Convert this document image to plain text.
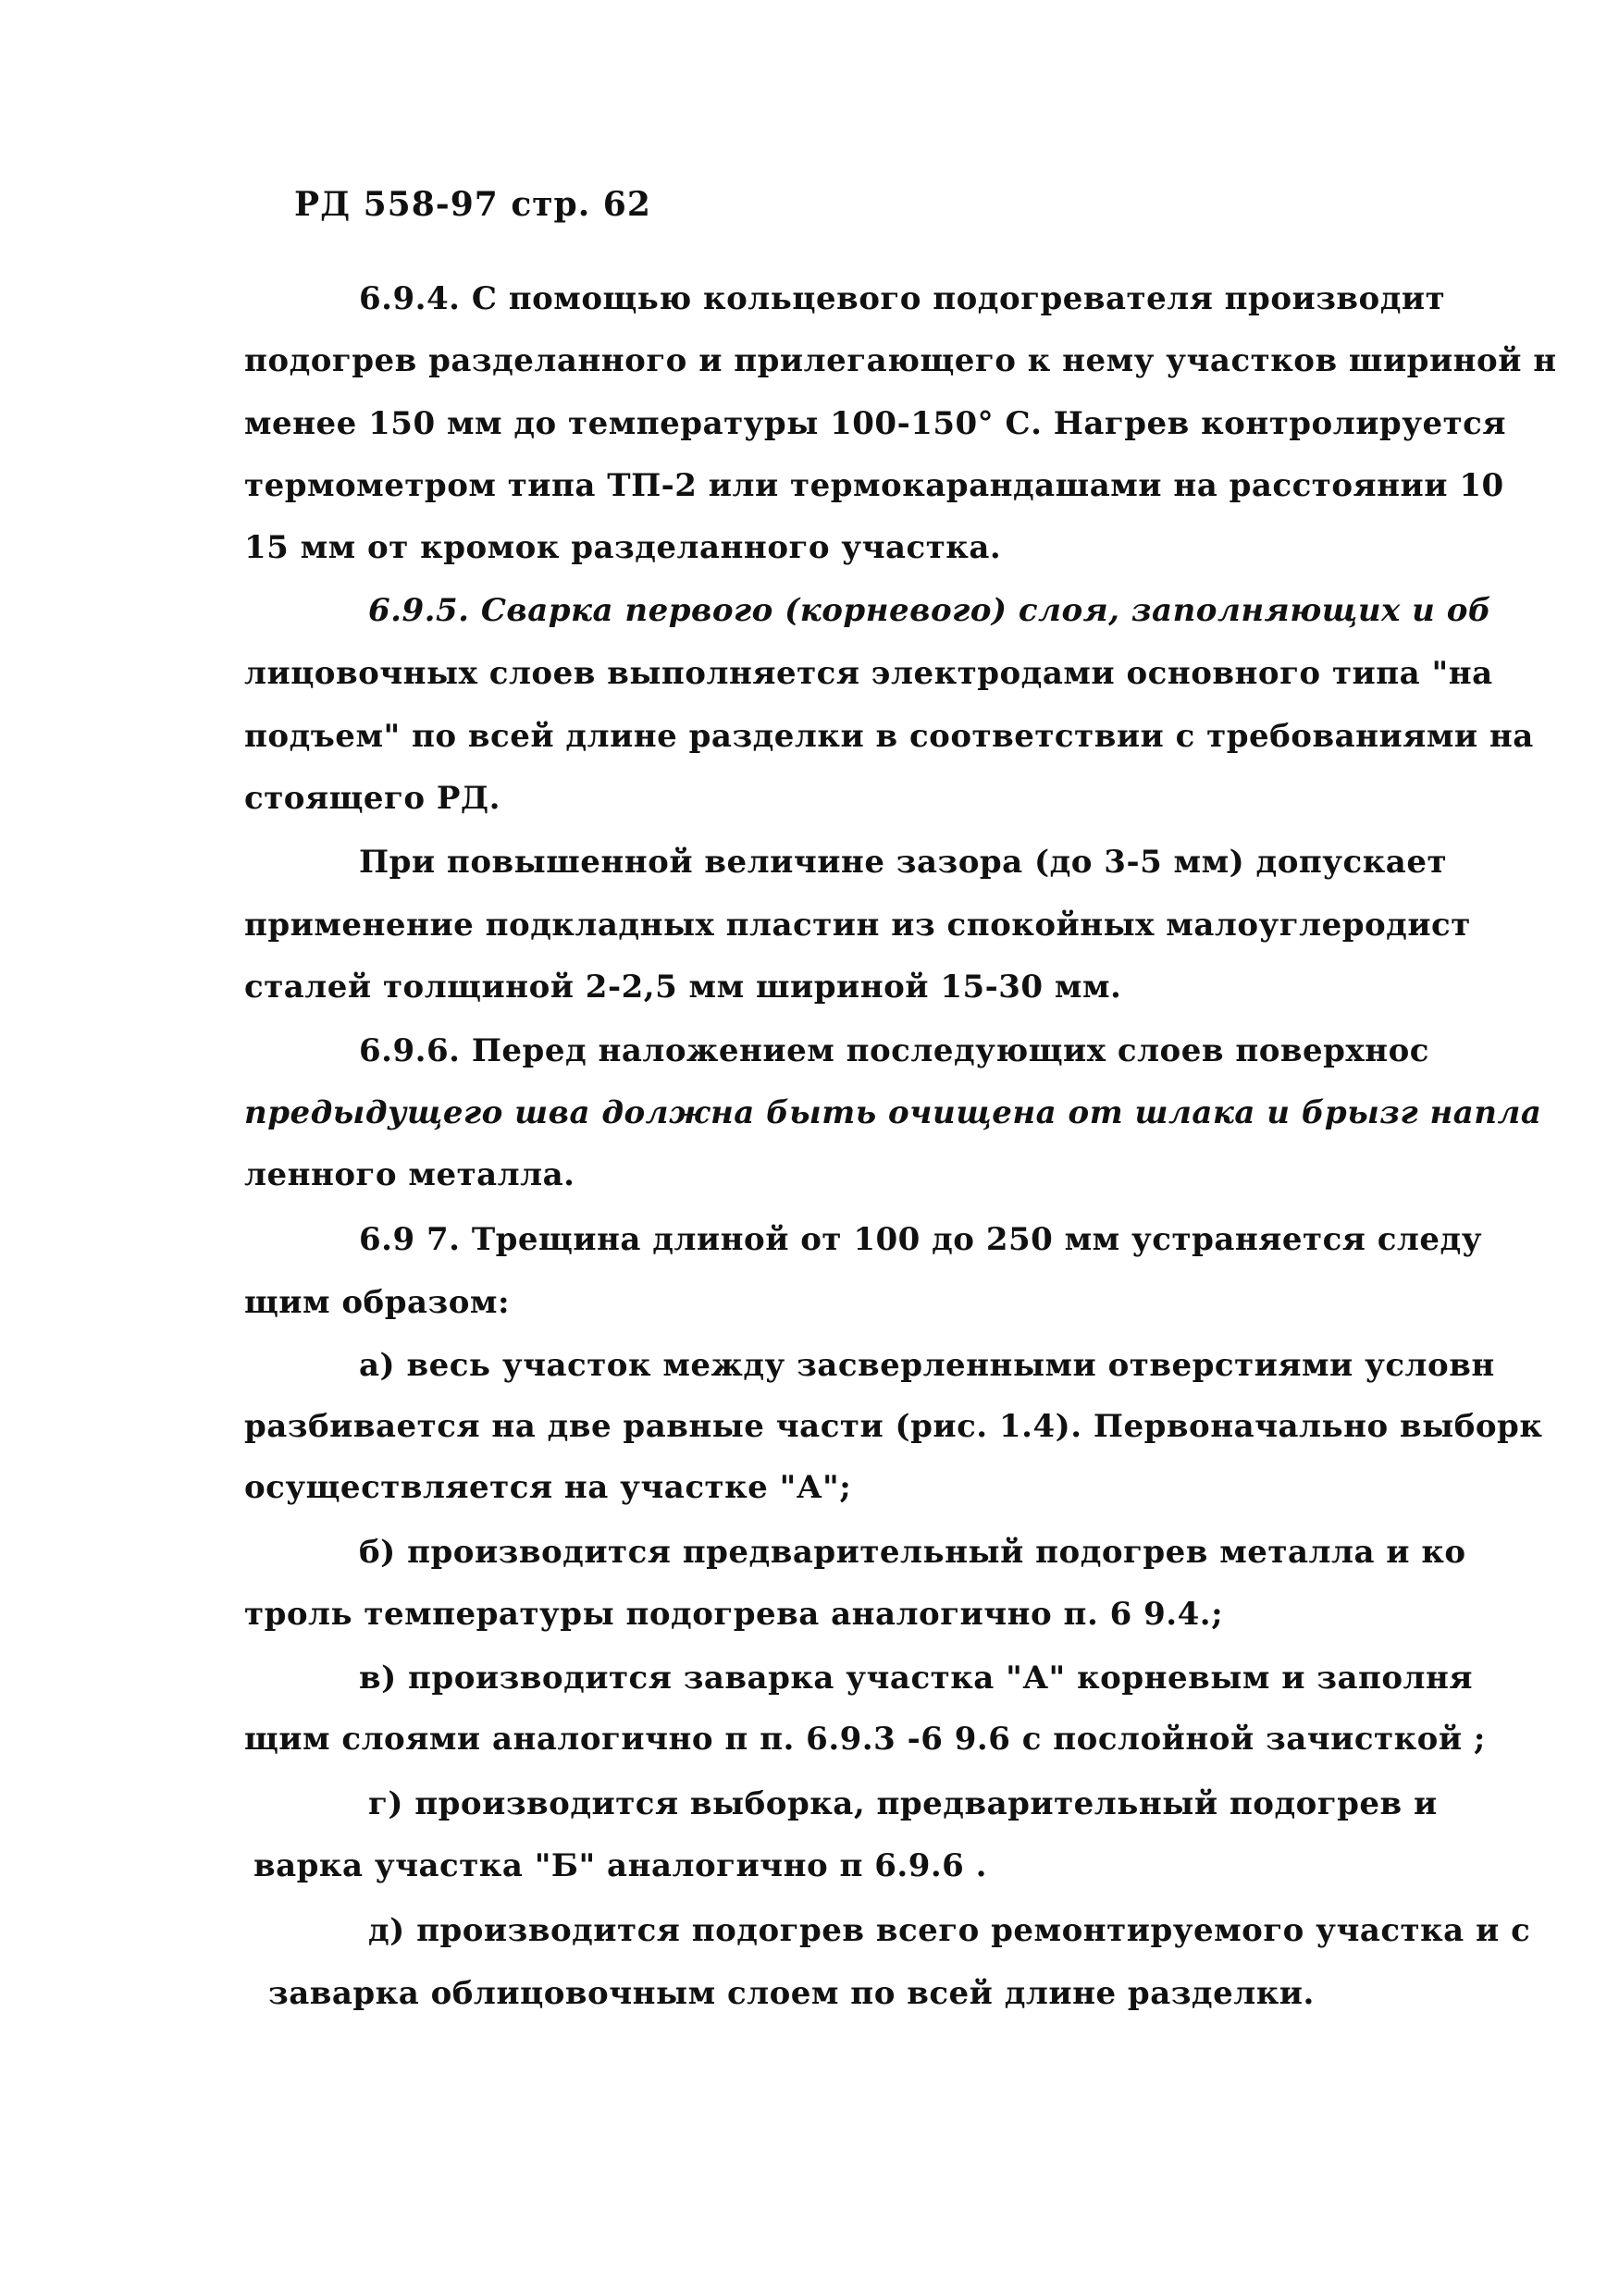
РД 558-97 стр. 62
6.9.4. С помощью кольцевого подогревателя производит
подогрев разделанного и прилегающего к нему участков шириной н
менее 150 мм до температуры 100-150° С. Нагрев контролируется
термометром типа ТП-2 или термокарандашами на расстоянии 10
15 мм от кромок разделанного участка.
6.9.5. Сварка первого (корневого) слоя, заполняющих и об
лицовочных слоев выполняется электродами основного типа "на
подъем" по всей длине разделки в соответствии с требованиями на
стоящего РД.
При повышенной величине зазора (до 3-5 мм) допускает
применение подкладных пластин из спокойных малоуглеродист
сталей толщиной 2-2,5 мм шириной 15-30 мм.
6.9.6. Перед наложением последующих слоев поверхнос
предыдущего шва должна быть очищена от шлака и брызг напла
ленного металла.
6.9 7. Трещина длиной от 100 до 250 мм устраняется следу
щим образом:
а) весь участок между засверленными отверстиями условн
разбивается на две равные части (рис. 1.4). Первоначально выборк
осуществляется на участке "А";
б) производится предварительный подогрев металла и ко
троль температуры подогрева аналогично п. 6 9.4.;
в) производится заварка участка "А" корневым и заполня
щим слоями аналогично п п. 6.9.3 -6 9.6 с послойной зачисткой ;
г) производится выборка, предварительный подогрев и
варка участка "Б" аналогично п 6.9.6 .
д) производится подогрев всего ремонтируемого участка и с
заварка облицовочным слоем по всей длине разделки.
